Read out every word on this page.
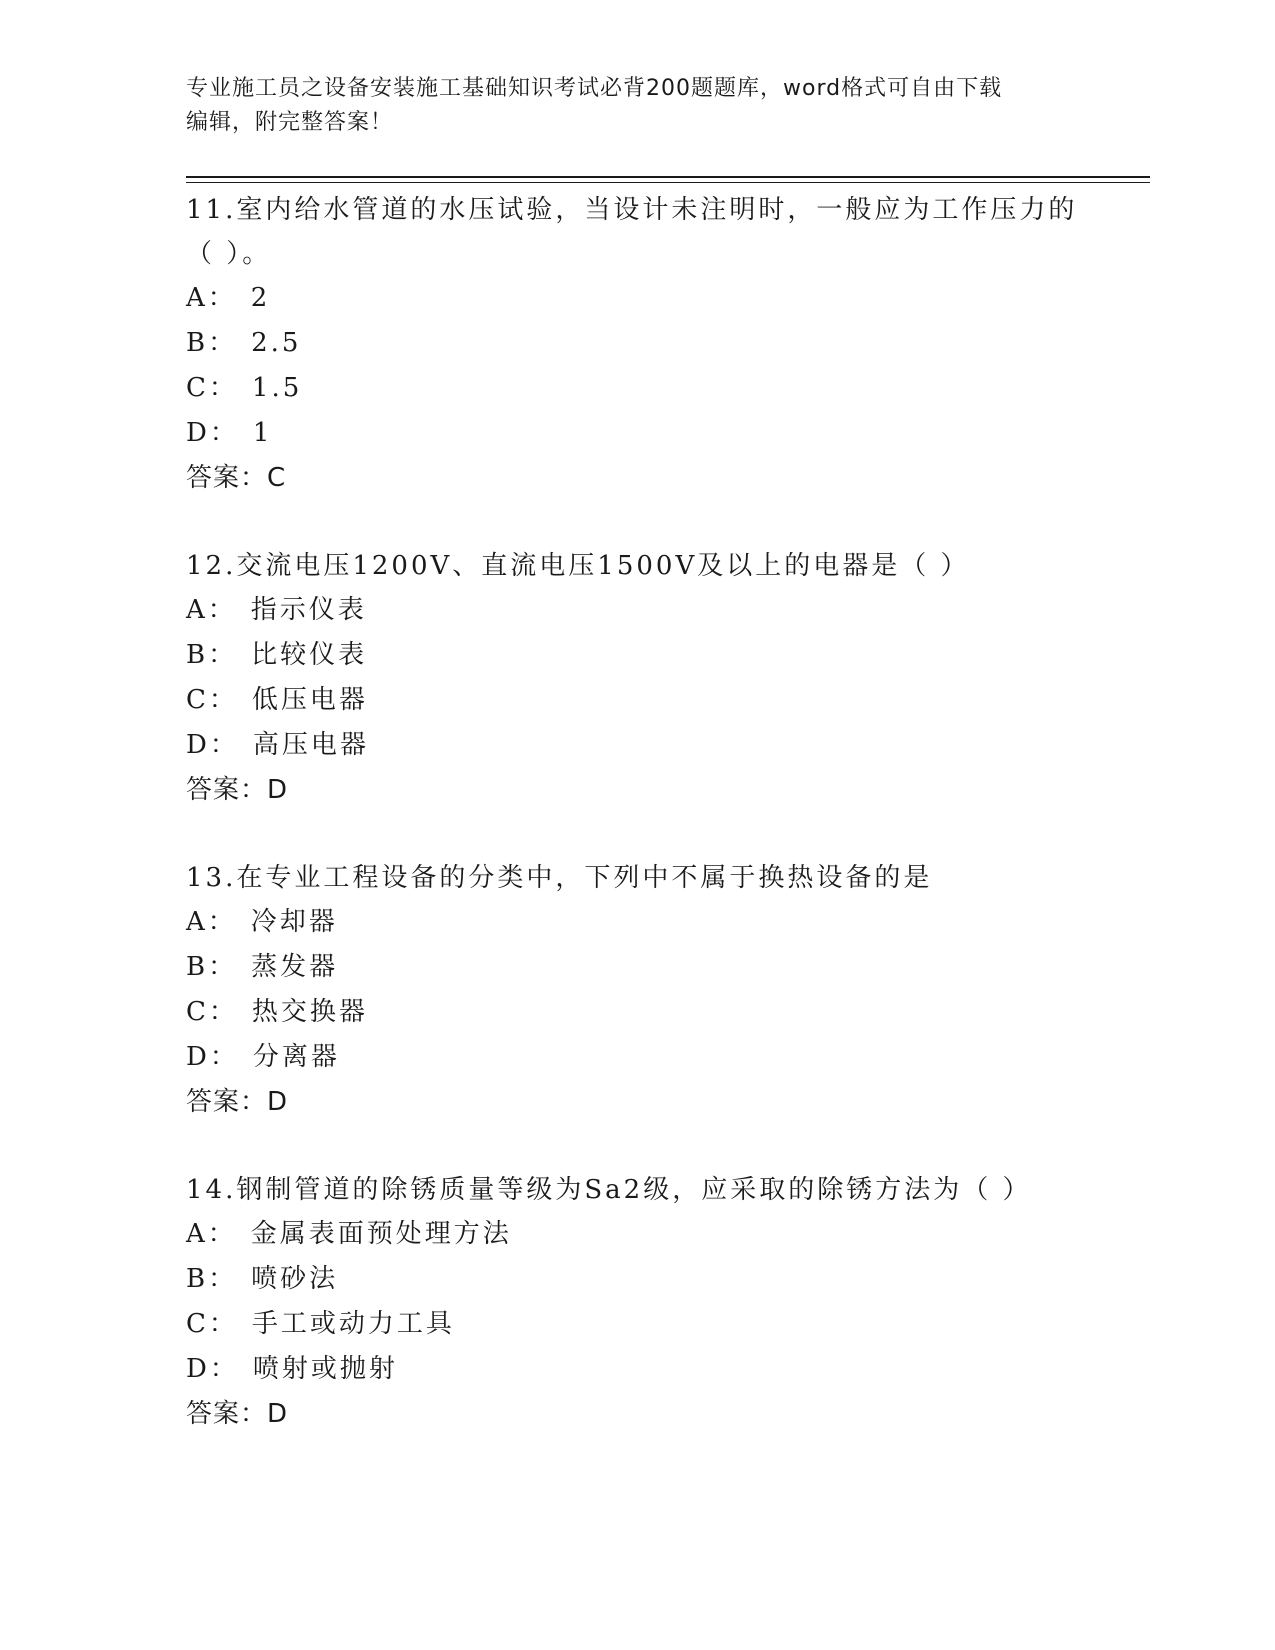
专业施工员之设备安装施工基础知识考试必背200题题库，word格式可自由下载
编辑，附完整答案！

11.室内给水管道的水压试验，当设计未注明时，一般应为工作压力的（ ）。

A： 2

B： 2.5

C： 1.5

D： 1

答案：C

12.交流电压1200V、直流电压1500V及以上的电器是（ ）

A： 指示仪表

B： 比较仪表

C： 低压电器

D： 高压电器

答案：D

13.在专业工程设备的分类中，下列中不属于换热设备的是

A： 冷却器

B： 蒸发器

C： 热交换器

D： 分离器

答案：D

14.钢制管道的除锈质量等级为Sa2级，应采取的除锈方法为（ ）

A： 金属表面预处理方法

B： 喷砂法

C： 手工或动力工具

D： 喷射或抛射

答案：D
